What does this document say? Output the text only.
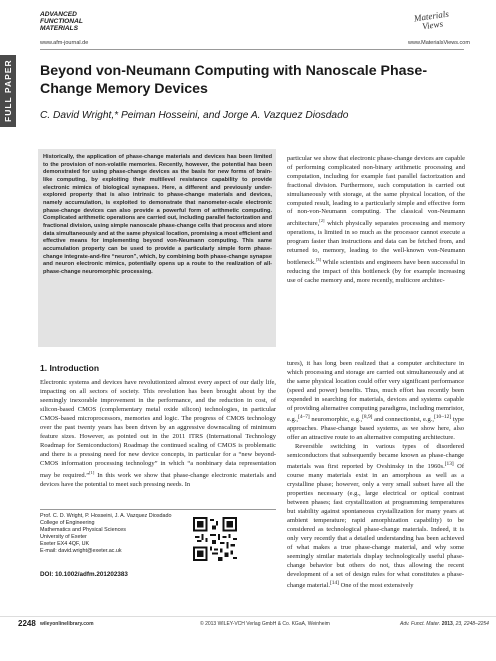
FULL PAPER
ADVANCED FUNCTIONAL MATERIALS
www.afm-journal.de
Materials Views
www.MaterialsViews.com
Beyond von-Neumann Computing with Nanoscale Phase-Change Memory Devices
C. David Wright,* Peiman Hosseini, and Jorge A. Vazquez Diosdado

Historically, the application of phase-change materials and devices has been limited to the provision of non-volatile memories. Recently, however, the potential has been demonstrated for using phase-change devices as the basis for new forms of brain-like computing, by exploiting their multilevel resistance capability to provide electronic mimics of biological synapses. Here, a different and previously under-explored property that is also intrinsic to phase-change materials and devices, namely accumulation, is exploited to demonstrate that nanometer-scale electronic phase-change devices can also provide a powerful form of arithmetic computing. Complicated arithmetic operations are carried out, including parallel factorization and fractional division, using simple nanoscale phase-change cells that process and store data simultaneously and at the same physical location, promising a most efficient and effective means for implementing beyond von-Neumann computing. This same accumulation property can be used to provide a particularly simple form phase-change integrate-and-fire “neuron”, which, by combining both phase-change synapse and neuron electronic mimics, potentially opens up a route to the realization of all-phase-change neuromorphic processing.

1. Introduction

Electronic systems and devices have revolutionized almost every aspect of our daily life, impacting on all sectors of society. This revolution has been brought about by the seemingly inexorable improvement in the performance, and the reduction in cost, of silicon-based CMOS (complementary metal oxide silicon) technologies, in particular CMOS-based microprocessors, memories and logic. The progress of CMOS technology over the past twenty years has been driven by an aggressive downscaling of minimum feature sizes. However, as pointed out in the 2011 ITRS (International Technology Roadmap for Semiconductors) Roadmap the continued scaling of CMOS is problematic and there is a pressing need for new device concepts, in particular for a “new beyond-CMOS information processing technology” in which “a nonbinary data representation may be required.”[1] In this work we show that phase-change electronic materials and devices have the potential to meet such pressing needs. In

Prof. C. D. Wright, P. Hosseini, J. A. Vazquez Diosdado
College of Engineering
Mathematics and Physical Sciences
University of Exeter
Exeter EX4 4QF, UK
E-mail: david.wright@exeter.ac.uk
DOI: 10.1002/adfm.201202383

particular we show that electronic phase-change devices are capable of performing complicated non-binary arithmetic processing and computation, including for example fast parallel factorization and fractional division. Furthermore, such computation is carried out simultaneously with storage, at the same physical location, of the computed result, leading to a particularly simple and effective form of non-von-Neumann computing. The classical von-Neumann architecture,[2] which physically separates processing and memory operations, is limited in so much as the processor cannot execute a program faster than instructions and data can be fetched from, and returned to, memory, leading to the well-known von-Neumann bottleneck.[3] While scientists and engineers have been successful in reducing the impact of this bottleneck (by for example increasing use of cache memory and, more recently, multicore architec-

tures), it has long been realized that a computer architecture in which processing and storage are carried out simultaneously and at the same physical location could offer very significant performance (speed and power) benefits. Thus, much effort has recently been expended in searching for materials, devices and systems capable of providing alternative computing paradigms, including memristor, e.g.,[4–7] neuromorphic, e.g.,[8,9] and connectionist, e.g.,[10–12] type approaches. Phase-change based systems, as we show here, also offer an attractive route to an alternative computing architecture.

Reversible switching in various types of disordered semiconductors that subsequently became known as phase-change materials was first reported by Ovshinsky in the 1960s.[13] Of course many materials exist in an amorphous as well as a crystalline phase; however, only a very small subset have all the properties necessary (e.g., large electrical or optical contrast between phases; fast crystallization at programming temperatures but stability against spontaneous crystallization for many years at ambient temperature; rapid amorphization capability) to be considered as technological phase-change materials. Indeed, it is only very recently that a detailed understanding has been achieved of what makes a true phase-change material, and why some seemingly similar materials display technologically useful phase-change behavior but others do not, thus allowing the recent development of a set of design rules for what constitutes a phase-change material.[14] One of the most extensively

2248 wileyonlinelibrary.com	© 2013 WILEY-VCH Verlag GmbH & Co. KGaA, Weinheim	Adv. Funct. Mater. 2013, 23, 2248–2254
